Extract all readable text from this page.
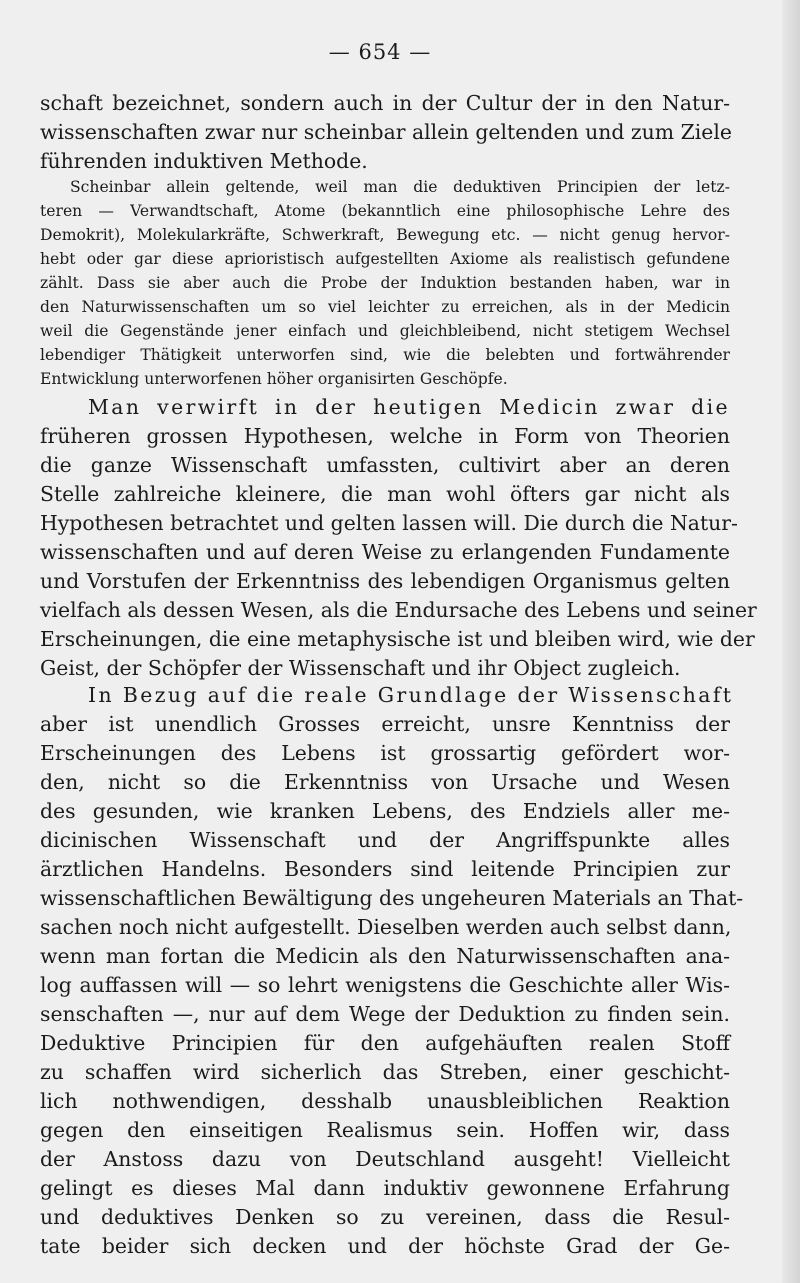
— 654 —
schaft bezeichnet, sondern auch in der Cultur der in den Natur-
wissenschaften zwar nur scheinbar allein geltenden und zum Ziele
führenden induktiven Methode.
Scheinbar allein geltende, weil man die deduktiven Principien der letz-
teren — Verwandtschaft, Atome (bekanntlich eine philosophische Lehre des
Demokrit), Molekularkräfte, Schwerkraft, Bewegung etc. — nicht genug hervor-
hebt oder gar diese aprioristisch aufgestellten Axiome als realistisch gefundene
zählt. Dass sie aber auch die Probe der Induktion bestanden haben, war in
den Naturwissenschaften um so viel leichter zu erreichen, als in der Medicin
weil die Gegenstände jener einfach und gleichbleibend, nicht stetigem Wechsel
lebendiger Thätigkeit unterworfen sind, wie die belebten und fortwährender
Entwicklung unterworfenen höher organisirten Geschöpfe.
Man verwirft in der heutigen Medicin zwar die
früheren grossen Hypothesen, welche in Form von Theorien
die ganze Wissenschaft umfassten, cultivirt aber an deren
Stelle zahlreiche kleinere, die man wohl öfters gar nicht als
Hypothesen betrachtet und gelten lassen will. Die durch die Natur-
wissenschaften und auf deren Weise zu erlangenden Fundamente
und Vorstufen der Erkenntniss des lebendigen Organismus gelten
vielfach als dessen Wesen, als die Endursache des Lebens und seiner
Erscheinungen, die eine metaphysische ist und bleiben wird, wie der
Geist, der Schöpfer der Wissenschaft und ihr Object zugleich.
In Bezug auf die reale Grundlage der Wissenschaft
aber ist unendlich Grosses erreicht, unsre Kenntniss der
Erscheinungen des Lebens ist grossartig gefördert wor-
den, nicht so die Erkenntniss von Ursache und Wesen
des gesunden, wie kranken Lebens, des Endziels aller me-
dicinischen Wissenschaft und der Angriffspunkte alles
ärztlichen Handelns. Besonders sind leitende Principien zur
wissenschaftlichen Bewältigung des ungeheuren Materials an That-
sachen noch nicht aufgestellt. Dieselben werden auch selbst dann,
wenn man fortan die Medicin als den Naturwissenschaften ana-
log auffassen will — so lehrt wenigstens die Geschichte aller Wis-
senschaften —, nur auf dem Wege der Deduktion zu finden sein.
Deduktive Principien für den aufgehäuften realen Stoff
zu schaffen wird sicherlich das Streben, einer geschicht-
lich nothwendigen, desshalb unausbleiblichen Reaktion
gegen den einseitigen Realismus sein. Hoffen wir, dass
der Anstoss dazu von Deutschland ausgeht! Vielleicht
gelingt es dieses Mal dann induktiv gewonnene Erfahrung
und deduktives Denken so zu vereinen, dass die Resul-
tate beider sich decken und der höchste Grad der Ge-
